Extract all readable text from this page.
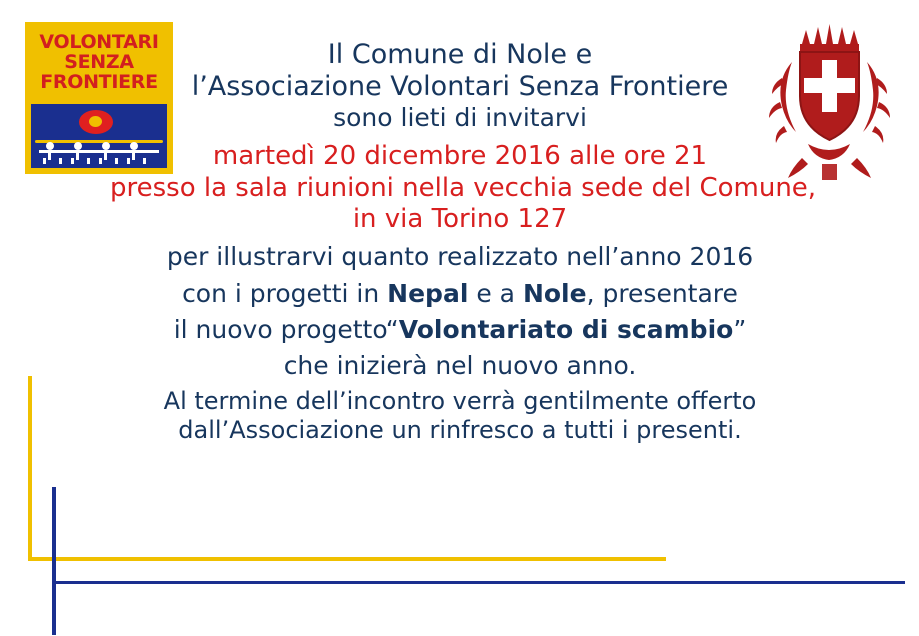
VOLONTARI
SENZA
FRONTIERE
Il Comune di Nole e
l’Associazione Volontari Senza Frontiere
sono lieti di invitarvi
martedì 20 dicembre 2016 alle ore 21
presso la sala riunioni nella vecchia sede del Comune,
in via Torino 127
per illustrarvi quanto realizzato nell’anno 2016
con i progetti in Nepal e a Nole, presentare
il nuovo progetto“Volontariato di scambio”
che inizierà nel nuovo anno.
Al termine dell’incontro verrà gentilmente offerto
dall’Associazione un rinfresco a tutti i presenti.
